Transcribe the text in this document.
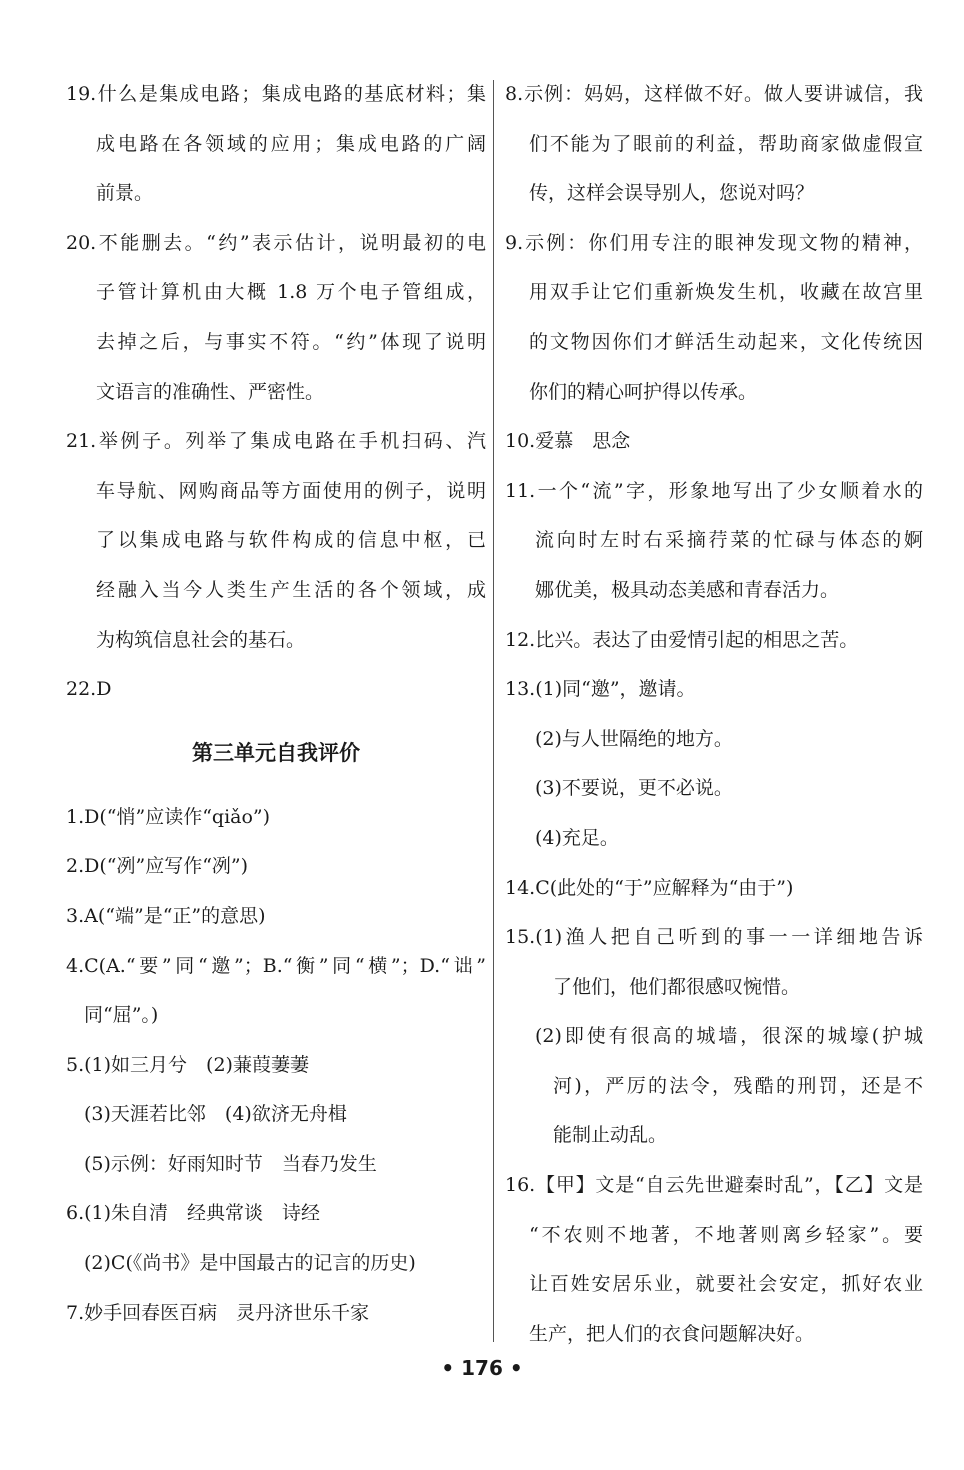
19.什么是集成电路；集成电路的基底材料；集
成电路在各领域的应用；集成电路的广阔
前景。
20.不能删去。“约”表示估计，说明最初的电
子管计算机由大概 1.8 万个电子管组成，
去掉之后，与事实不符。“约”体现了说明
文语言的准确性、严密性。
21.举例子。列举了集成电路在手机扫码、汽
车导航、网购商品等方面使用的例子，说明
了以集成电路与软件构成的信息中枢，已
经融入当今人类生产生活的各个领域，成
为构筑信息社会的基石。
22.D
第三单元自我评价
1.D(“悄”应读作“qiǎo”)
2.D(“冽”应写作“冽”)
3.A(“端”是“正”的意思)
4.C(A.“要”同“邀”；B.“衡”同“横”；D.“诎”
同“屈”。)
5.(1)如三月兮　(2)蒹葭萋萋
(3)天涯若比邻　(4)欲济无舟楫
(5)示例：好雨知时节　当春乃发生
6.(1)朱自清　经典常谈　诗经
(2)C(《尚书》是中国最古的记言的历史)
7.妙手回春医百病　灵丹济世乐千家
8.示例：妈妈，这样做不好。做人要讲诚信，我
们不能为了眼前的利益，帮助商家做虚假宣
传，这样会误导别人，您说对吗？
9.示例：你们用专注的眼神发现文物的精神，
用双手让它们重新焕发生机，收藏在故宫里
的文物因你们才鲜活生动起来，文化传统因
你们的精心呵护得以传承。
10.爱慕　思念
11.一个“流”字，形象地写出了少女顺着水的
流向时左时右采摘荇菜的忙碌与体态的婀
娜优美，极具动态美感和青春活力。
12.比兴。表达了由爱情引起的相思之苦。
13.(1)同“邀”，邀请。
(2)与人世隔绝的地方。
(3)不要说，更不必说。
(4)充足。
14.C(此处的“于”应解释为“由于”)
15.(1)渔人把自己听到的事一一详细地告诉
了他们，他们都很感叹惋惜。
(2)即使有很高的城墙，很深的城壕(护城
河)，严厉的法令，残酷的刑罚，还是不
能制止动乱。
16.【甲】文是“自云先世避秦时乱”，【乙】文是
“不农则不地著，不地著则离乡轻家”。要
让百姓安居乐业，就要社会安定，抓好农业
生产，把人们的衣食问题解决好。
• 176 •
